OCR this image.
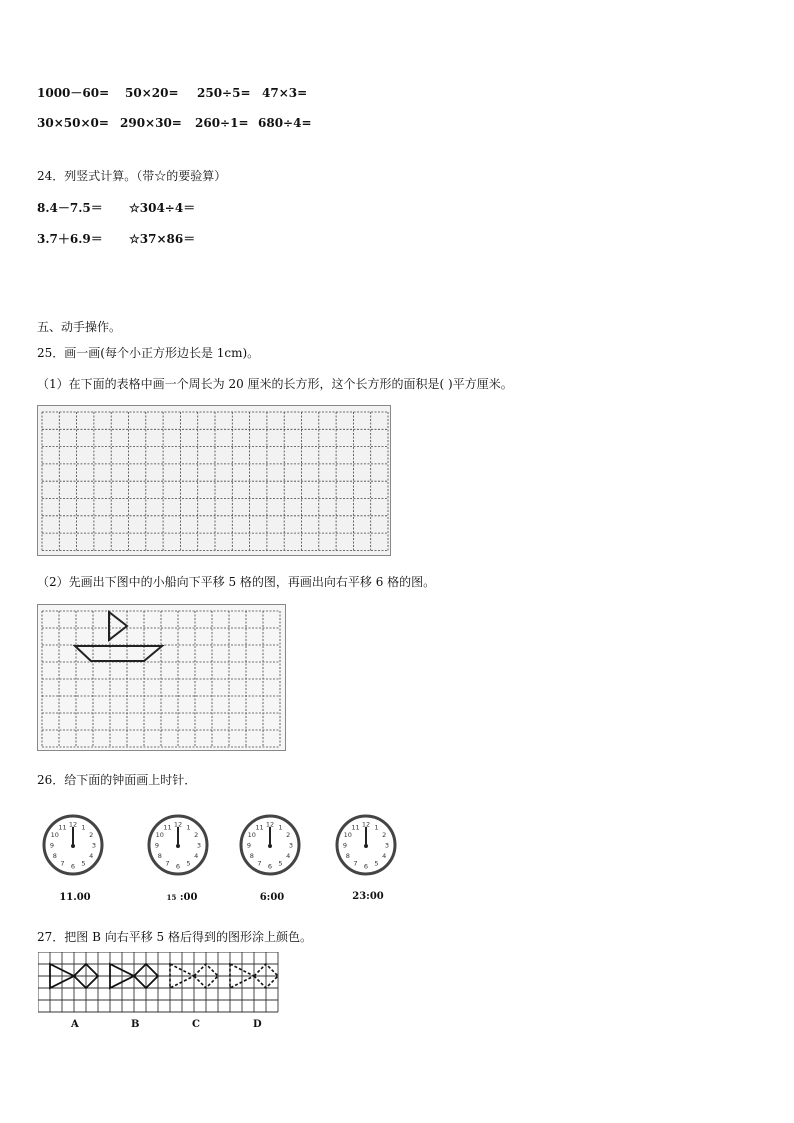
1000－60= 50×20= 250÷5= 47×3=
30×50×0= 290×30= 260÷1= 680÷4=
24．列竖式计算。（带☆的要验算）
8.4－7.5＝ ☆304÷4＝
3.7＋6.9＝ ☆37×86＝
五、动手操作。
25．画一画(每个小正方形边长是 1cm)。
（1）在下面的表格中画一个周长为 20 厘米的长方形，这个长方形的面积是( )平方厘米。
（2）先画出下图中的小船向下平移 5 格的图，再画出向右平移 6 格的图。
26．给下面的钟面画上时针．
1
2
3
4
5
6
7
8
9
10
11 12	1
2
3
4
5
6
7
8
9
10
11 12	1
2
3
4
5
6
7
8
9
10
11 12	1
2
3
4
5
6
7
8
9
10
11 12
11.00	15 :00	6:00	23:00
27．把图 B 向右平移 5 格后得到的图形涂上颜色。
A	B	C	D
